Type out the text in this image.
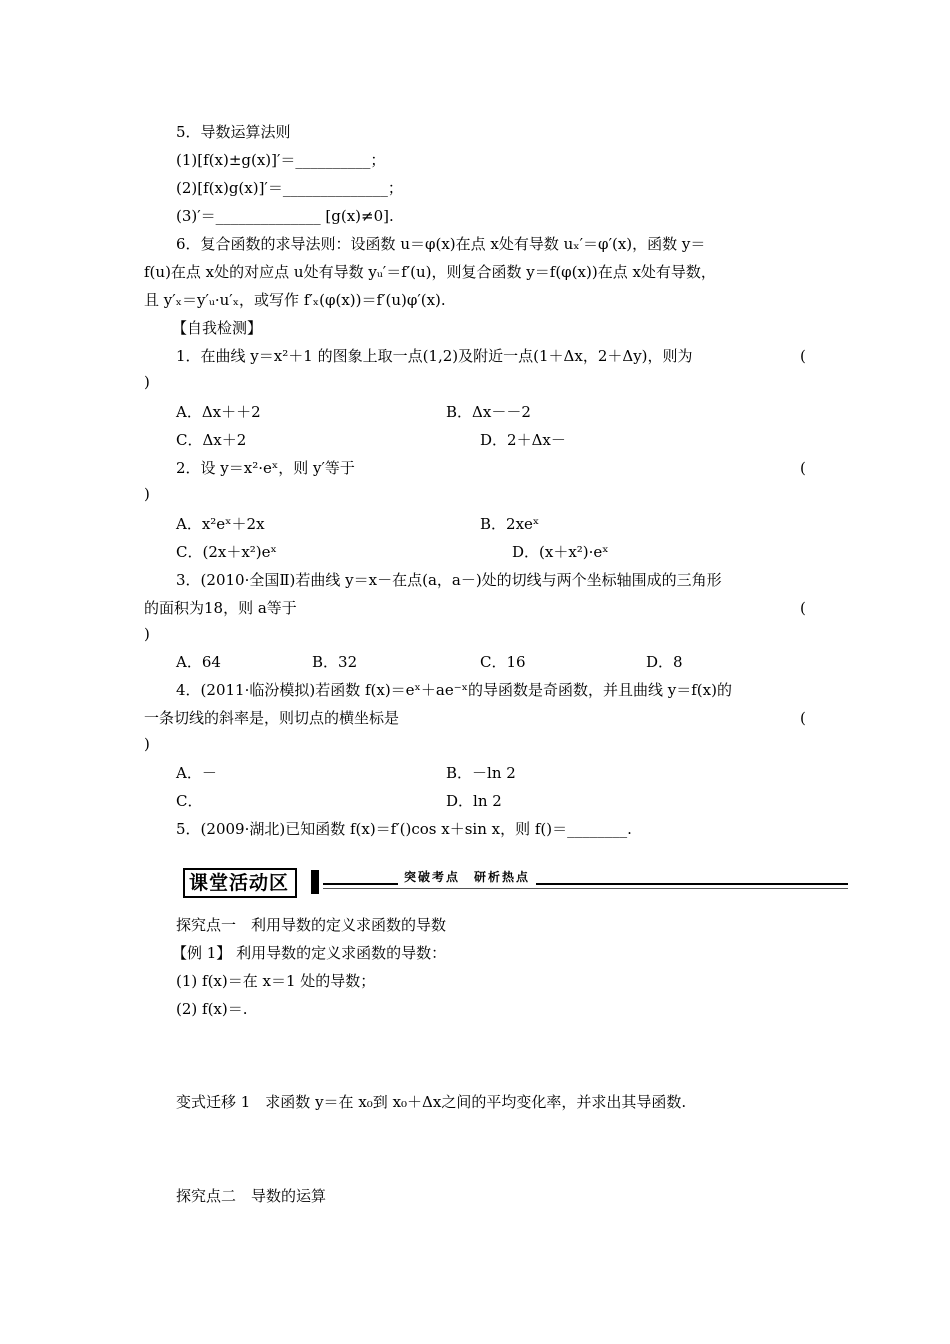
5．导数运算法则
(1)[f(x)±g(x)]′＝__________；
(2)[f(x)g(x)]′＝______________；
(3)′＝______________ [g(x)≠0].
6．复合函数的求导法则：设函数 u＝φ(x)在点 x处有导数 uₓ′＝φ′(x)，函数 y＝
f(u)在点 x处的对应点 u处有导数 yᵤ′＝f′(u)，则复合函数 y＝f(φ(x))在点 x处有导数，
且 y′ₓ＝y′ᵤ·u′ₓ，或写作 f′ₓ(φ(x))＝f′(u)φ′(x).
【自我检测】
1．在曲线 y＝x²＋1 的图象上取一点(1,2)及附近一点(1＋Δx，2＋Δy)，则为	(
)
A．Δx＋＋2	B．Δx－－2
C．Δx＋2	D．2＋Δx－
2．设 y＝x²·eˣ，则 y′等于	(
)
A．x²eˣ＋2x	B．2xeˣ
C．(2x＋x²)eˣ	D．(x＋x²)·eˣ
3．(2010·全国Ⅱ)若曲线 y＝x－在点(a，a－)处的切线与两个坐标轴围成的三角形
的面积为18，则 a等于	(
)
A．64	B．32	C．16	D．8
4．(2011·临汾模拟)若函数 f(x)＝eˣ＋ae⁻ˣ的导函数是奇函数，并且曲线 y＝f(x)的
一条切线的斜率是，则切点的横坐标是	(
)
A．－	B．－ln 2
C．	D．ln 2
5．(2009·湖北)已知函数 f(x)＝f′()cos x＋sin x，则 f()＝________.
课堂活动区	突破考点　研析热点
探究点一　利用导数的定义求函数的导数
【例 1】 利用导数的定义求函数的导数：
(1) f(x)＝在 x＝1 处的导数；
(2) f(x)＝.
变式迁移 1　求函数 y＝在 x₀到 x₀＋Δx之间的平均变化率，并求出其导函数.
探究点二　导数的运算
